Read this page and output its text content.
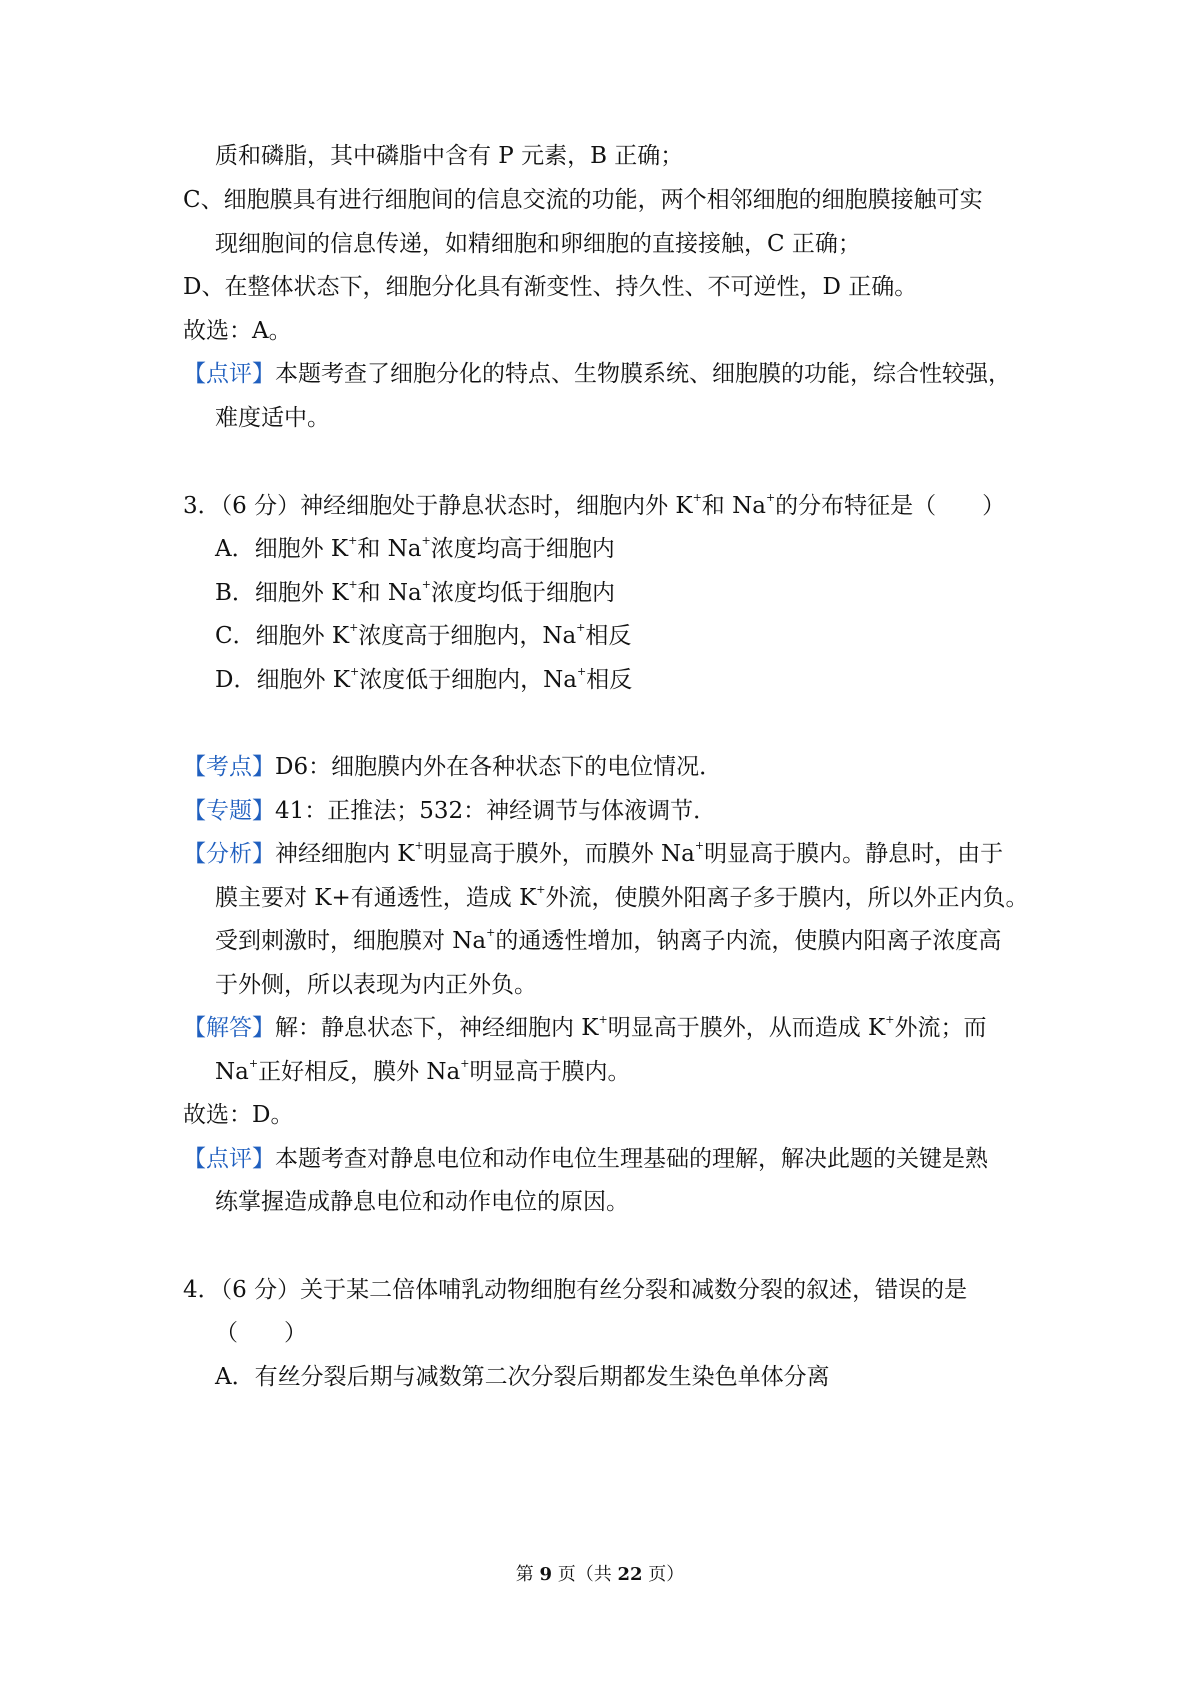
质和磷脂，其中磷脂中含有 P 元素，B 正确；
C、细胞膜具有进行细胞间的信息交流的功能，两个相邻细胞的细胞膜接触可实
现细胞间的信息传递，如精细胞和卵细胞的直接接触，C 正确；
D、在整体状态下，细胞分化具有渐变性、持久性、不可逆性，D 正确。
故选：A。
【点评】本题考查了细胞分化的特点、生物膜系统、细胞膜的功能，综合性较强，
难度适中。
3．（6 分）神经细胞处于静息状态时，细胞内外 K+和 Na+的分布特征是（　　）
A．细胞外 K+和 Na+浓度均高于细胞内
B．细胞外 K+和 Na+浓度均低于细胞内
C．细胞外 K+浓度高于细胞内，Na+相反
D．细胞外 K+浓度低于细胞内，Na+相反
【考点】D6：细胞膜内外在各种状态下的电位情况．
【专题】41：正推法；532：神经调节与体液调节．
【分析】神经细胞内 K+明显高于膜外，而膜外 Na+明显高于膜内。静息时，由于
膜主要对 K+有通透性，造成 K+外流，使膜外阳离子多于膜内，所以外正内负。
受到刺激时，细胞膜对 Na+的通透性增加，钠离子内流，使膜内阳离子浓度高
于外侧，所以表现为内正外负。
【解答】解：静息状态下，神经细胞内 K+明显高于膜外，从而造成 K+外流；而
Na+正好相反，膜外 Na+明显高于膜内。
故选：D。
【点评】本题考查对静息电位和动作电位生理基础的理解，解决此题的关键是熟
练掌握造成静息电位和动作电位的原因。
4．（6 分）关于某二倍体哺乳动物细胞有丝分裂和减数分裂的叙述，错误的是
（　　）
A．有丝分裂后期与减数第二次分裂后期都发生染色单体分离
第 9 页（共 22 页）
